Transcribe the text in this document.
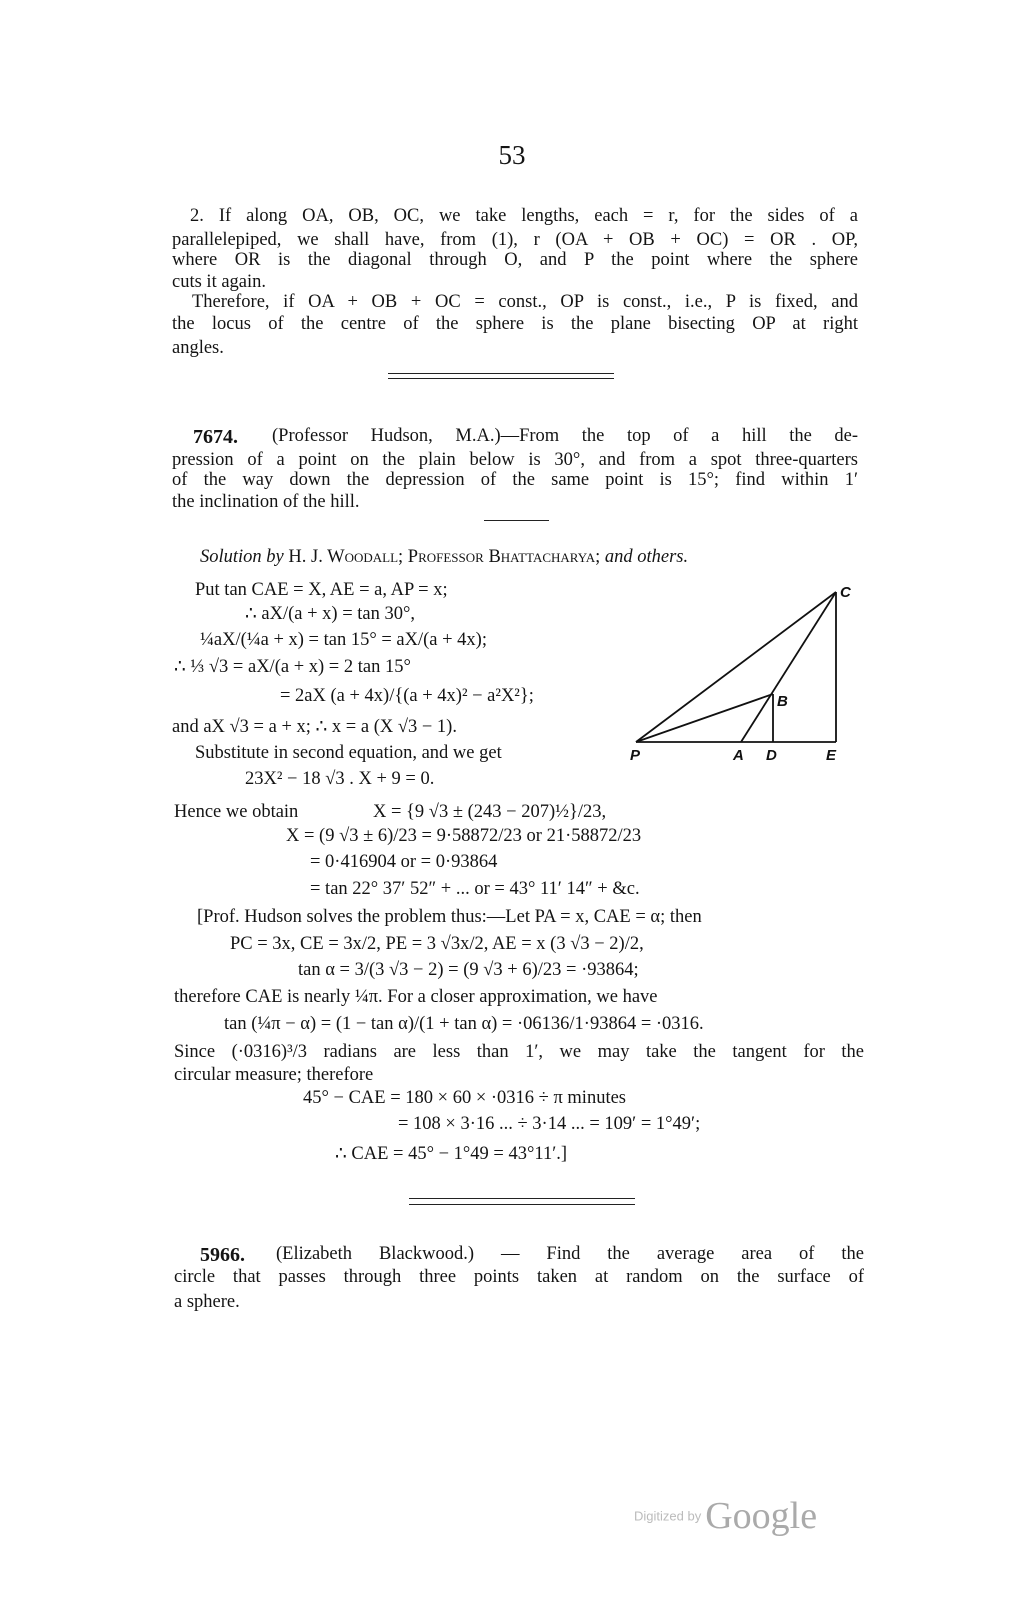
53
2. If along OA, OB, OC, we take lengths, each = r, for the sides of a
parallelepiped, we shall have, from (1), r (OA + OB + OC) = OR . OP,
where OR is the diagonal through O, and P the point where the sphere
cuts it again.
Therefore, if OA + OB + OC = const., OP is const., i.e., P is fixed, and
the locus of the centre of the sphere is the plane bisecting OP at right
angles.
7674. (Professor Hudson, M.A.)—From the top of a hill the de-
pression of a point on the plain below is 30°, and from a spot three-quarters
of the way down the depression of the same point is 15°; find within 1′
the inclination of the hill.
Solution by H. J. Woodall; Professor Bhattacharya; and others.
Put tan CAE = X, AE = a, AP = x;
∴ aX/(a + x) = tan 30°,
¼aX/(¼a + x) = tan 15° = aX/(a + 4x);
∴ ⅓ √3 = aX/(a + x) = 2 tan 15°
= 2aX (a + 4x)/{(a + 4x)² − a²X²};
and aX √3 = a + x; ∴ x = a (X √3 − 1).
Substitute in second equation, and we get
23X² − 18 √3 . X + 9 = 0.
Hence we obtain	X = {9 √3 ± (243 − 207)½}/23,
X = (9 √3 ± 6)/23 = 9·58872/23 or 21·58872/23
= 0·416904 or = 0·93864
= tan 22° 37′ 52″ + ... or = 43° 11′ 14″ + &c.
[Prof. Hudson solves the problem thus:—Let PA = x, CAE = α; then
PC = 3x, CE = 3x/2, PE = 3 √3x/2, AE = x (3 √3 − 2)/2,
tan α = 3/(3 √3 − 2) = (9 √3 + 6)/23 = ·93864;
therefore CAE is nearly ¼π. For a closer approximation, we have
tan (¼π − α) = (1 − tan α)/(1 + tan α) = ·06136/1·93864 = ·0316.
Since (·0316)³/3 radians are less than 1′, we may take the tangent for the
circular measure; therefore
45° − CAE = 180 × 60 × ·0316 ÷ π minutes
= 108 × 3·16 ... ÷ 3·14 ... = 109′ = 1°49′;
∴ CAE = 45° − 1°49 = 43°11′.]
C
B
P	A D	E
5966. (Elizabeth Blackwood.) — Find the average area of the
circle that passes through three points taken at random on the surface of
a sphere.
Digitized by Google
